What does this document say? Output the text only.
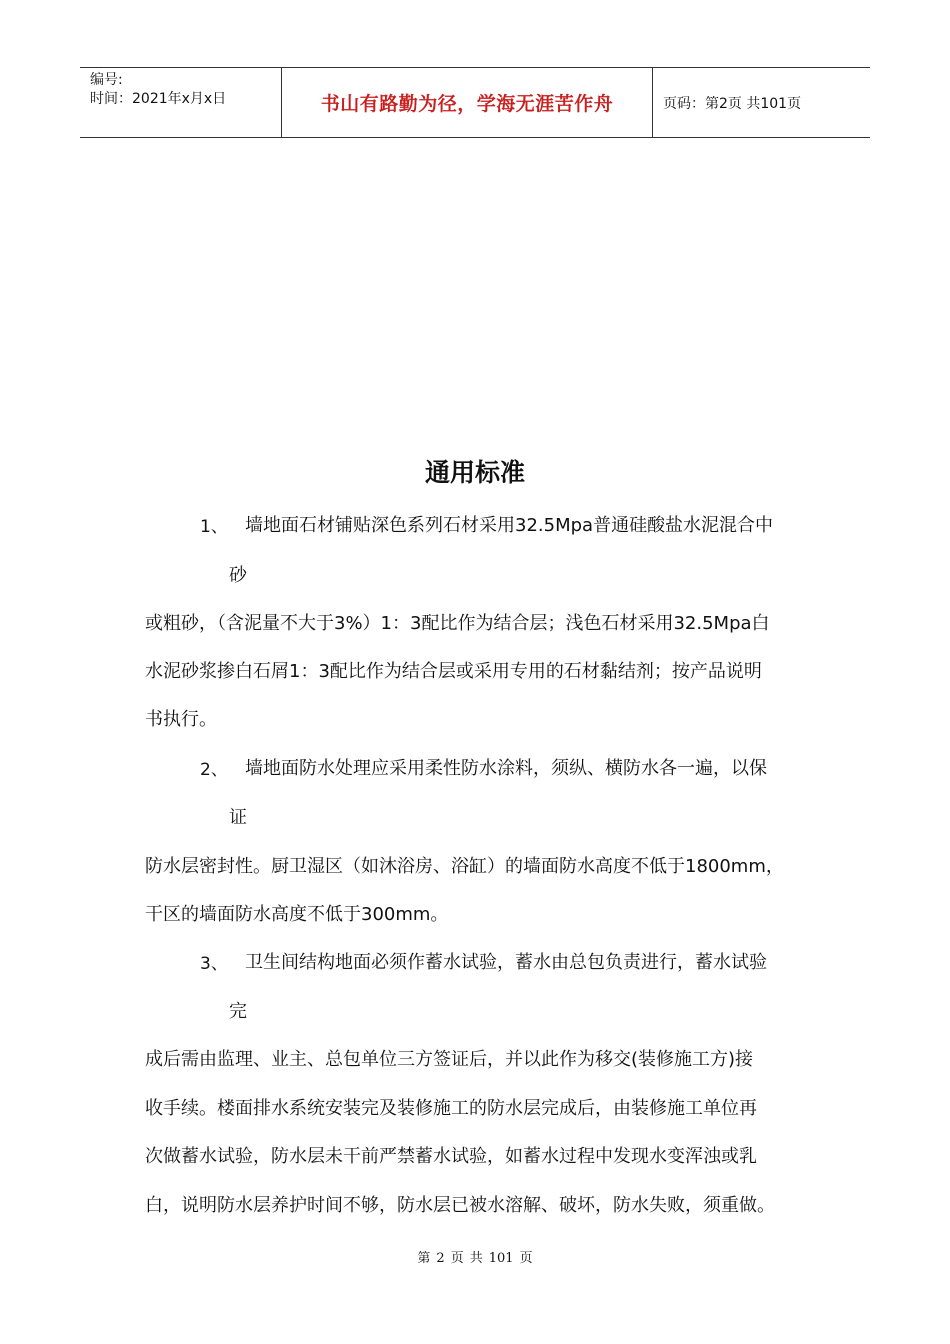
编号:
时间：2021年x月x日	书山有路勤为径，学海无涯苦作舟	页码：第2页 共101页
通用标准
1、 墙地面石材铺贴深色系列石材采用32.5Mpa普通硅酸盐水泥混合中
砂
或粗砂，（含泥量不大于3%）1：3配比作为结合层；浅色石材采用32.5Mpa白
水泥砂浆掺白石屑1：3配比作为结合层或采用专用的石材黏结剂；按产品说明
书执行。
2、 墙地面防水处理应采用柔性防水涂料，须纵、横防水各一遍，以保
证
防水层密封性。厨卫湿区（如沐浴房、浴缸）的墙面防水高度不低于1800mm，
干区的墙面防水高度不低于300mm。
3、 卫生间结构地面必须作蓄水试验，蓄水由总包负责进行，蓄水试验
完
成后需由监理、业主、总包单位三方签证后，并以此作为移交(装修施工方)接
收手续。楼面排水系统安装完及装修施工的防水层完成后，由装修施工单位再
次做蓄水试验，防水层未干前严禁蓄水试验，如蓄水过程中发现水变浑浊或乳
白，说明防水层养护时间不够，防水层已被水溶解、破坏，防水失败，须重做。
第 2 页 共 101 页
